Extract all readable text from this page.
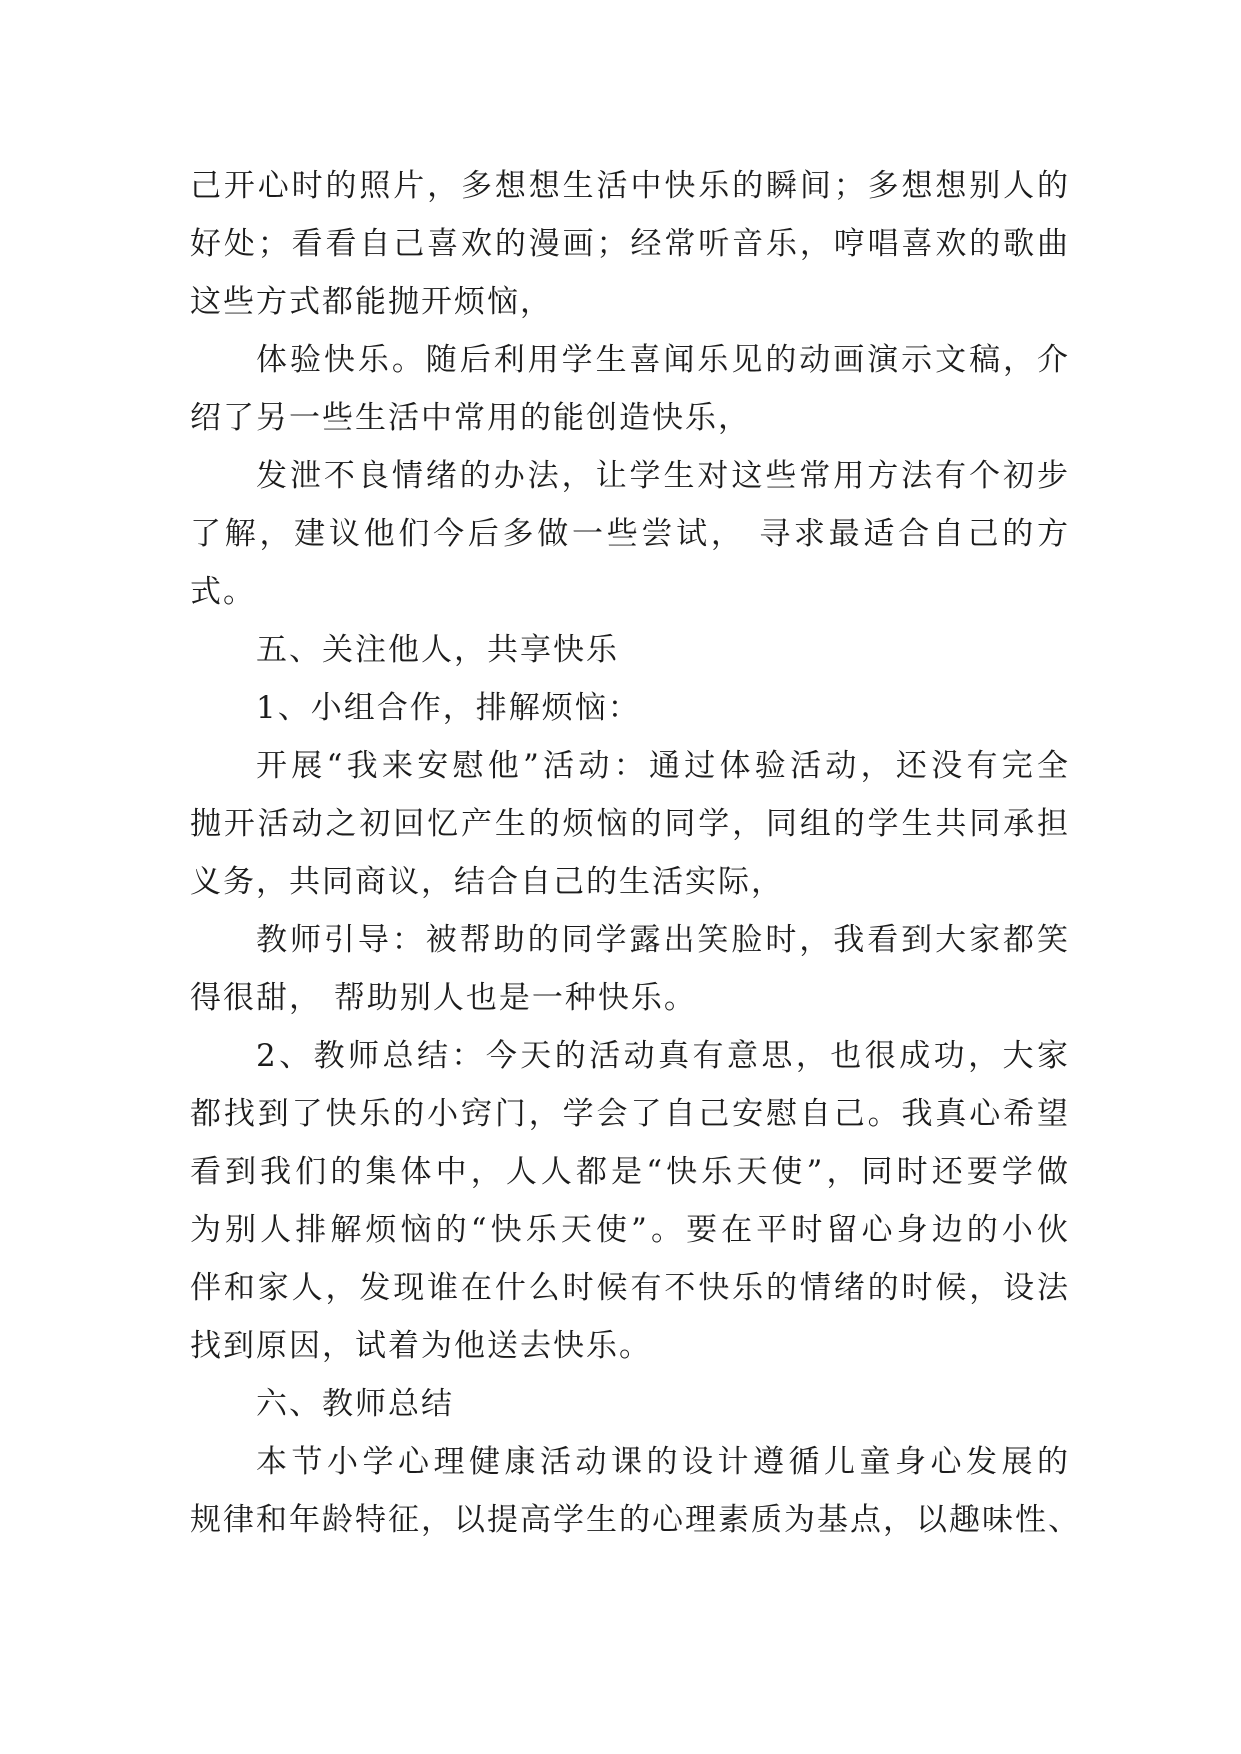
己开心时的照片，多想想生活中快乐的瞬间；多想想别人的
好处；看看自己喜欢的漫画；经常听音乐，哼唱喜欢的歌曲
这些方式都能抛开烦恼，
体验快乐。随后利用学生喜闻乐见的动画演示文稿，介
绍了另一些生活中常用的能创造快乐，
发泄不良情绪的办法，让学生对这些常用方法有个初步
了解，建议他们今后多做一些尝试， 寻求最适合自己的方
式。
五、关注他人，共享快乐
1、小组合作，排解烦恼：
开展“我来安慰他”活动：通过体验活动，还没有完全
抛开活动之初回忆产生的烦恼的同学，同组的学生共同承担
义务，共同商议，结合自己的生活实际，
教师引导：被帮助的同学露出笑脸时，我看到大家都笑
得很甜， 帮助别人也是一种快乐。
2、教师总结：今天的活动真有意思，也很成功，大家
都找到了快乐的小窍门，学会了自己安慰自己。我真心希望
看到我们的集体中，人人都是“快乐天使”，同时还要学做
为别人排解烦恼的“快乐天使”。要在平时留心身边的小伙
伴和家人，发现谁在什么时候有不快乐的情绪的时候，设法
找到原因，试着为他送去快乐。
六、教师总结
本节小学心理健康活动课的设计遵循儿童身心发展的
规律和年龄特征，以提高学生的心理素质为基点，以趣味性、
